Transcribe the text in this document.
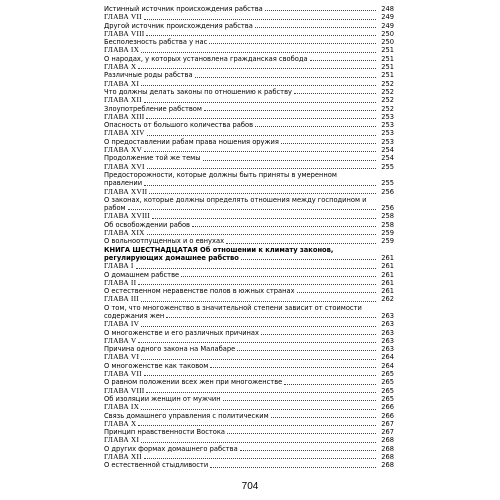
Истинный источник происхождения рабства	248
ГЛАВА VII	249
Другой источник происхождения рабства	249
ГЛАВА VIII	250
Бесполезность рабства у нас	250
ГЛАВА IX	251
О народах, у которых установлена гражданская свобода	251
ГЛАВА X	251
Различные роды рабства	251
ГЛАВА XI	252
Что должны делать законы по отношению к рабству	252
ГЛАВА XII	252
Злоупотребление рабством	252
ГЛАВА XIII	253
Опасность от большого количества рабов	253
ГЛАВА XIV	253
О предоставлении рабам права ношения оружия	253
ГЛАВА XV	254
Продолжение той же темы	254
ГЛАВА XVI	255
Предосторожности, которые должны быть приняты в умеренном
правлении	255
ГЛАВА XVII	256
О законах, которые должны определять отношения между господином и
рабом	256
ГЛАВА XVIII	258
Об освобождении рабов	258
ГЛАВА XIX	259
О вольноотпущенных и о евнухах	259
КНИГА ШЕСТНАДЦАТАЯ Об отношении к климату законов,
регулирующих домашнее рабство	261
ГЛАВА I	261
О домашнем рабстве	261
ГЛАВА II	261
О естественном неравенстве полов в южных странах	261
ГЛАВА III	262
О том, что многоженство в значительной степени зависит от стоимости
содержания жен	263
ГЛАВА IV	263
О многоженстве и его различных причинах	263
ГЛАВА V	263
Причина одного закона на Малабаре	263
ГЛАВА VI	264
О многоженстве как таковом	264
ГЛАВА VII	265
О равном положении всех жен при многоженстве	265
ГЛАВА VIII	265
Об изоляции женщин от мужчин	265
ГЛАВА IX	266
Связь домашнего управления с политическим	266
ГЛАВА X	267
Принцип нравственности Востока	267
ГЛАВА XI	268
О других формах домашнего рабства	268
ГЛАВА XII	268
О естественной стыдливости	268
704
